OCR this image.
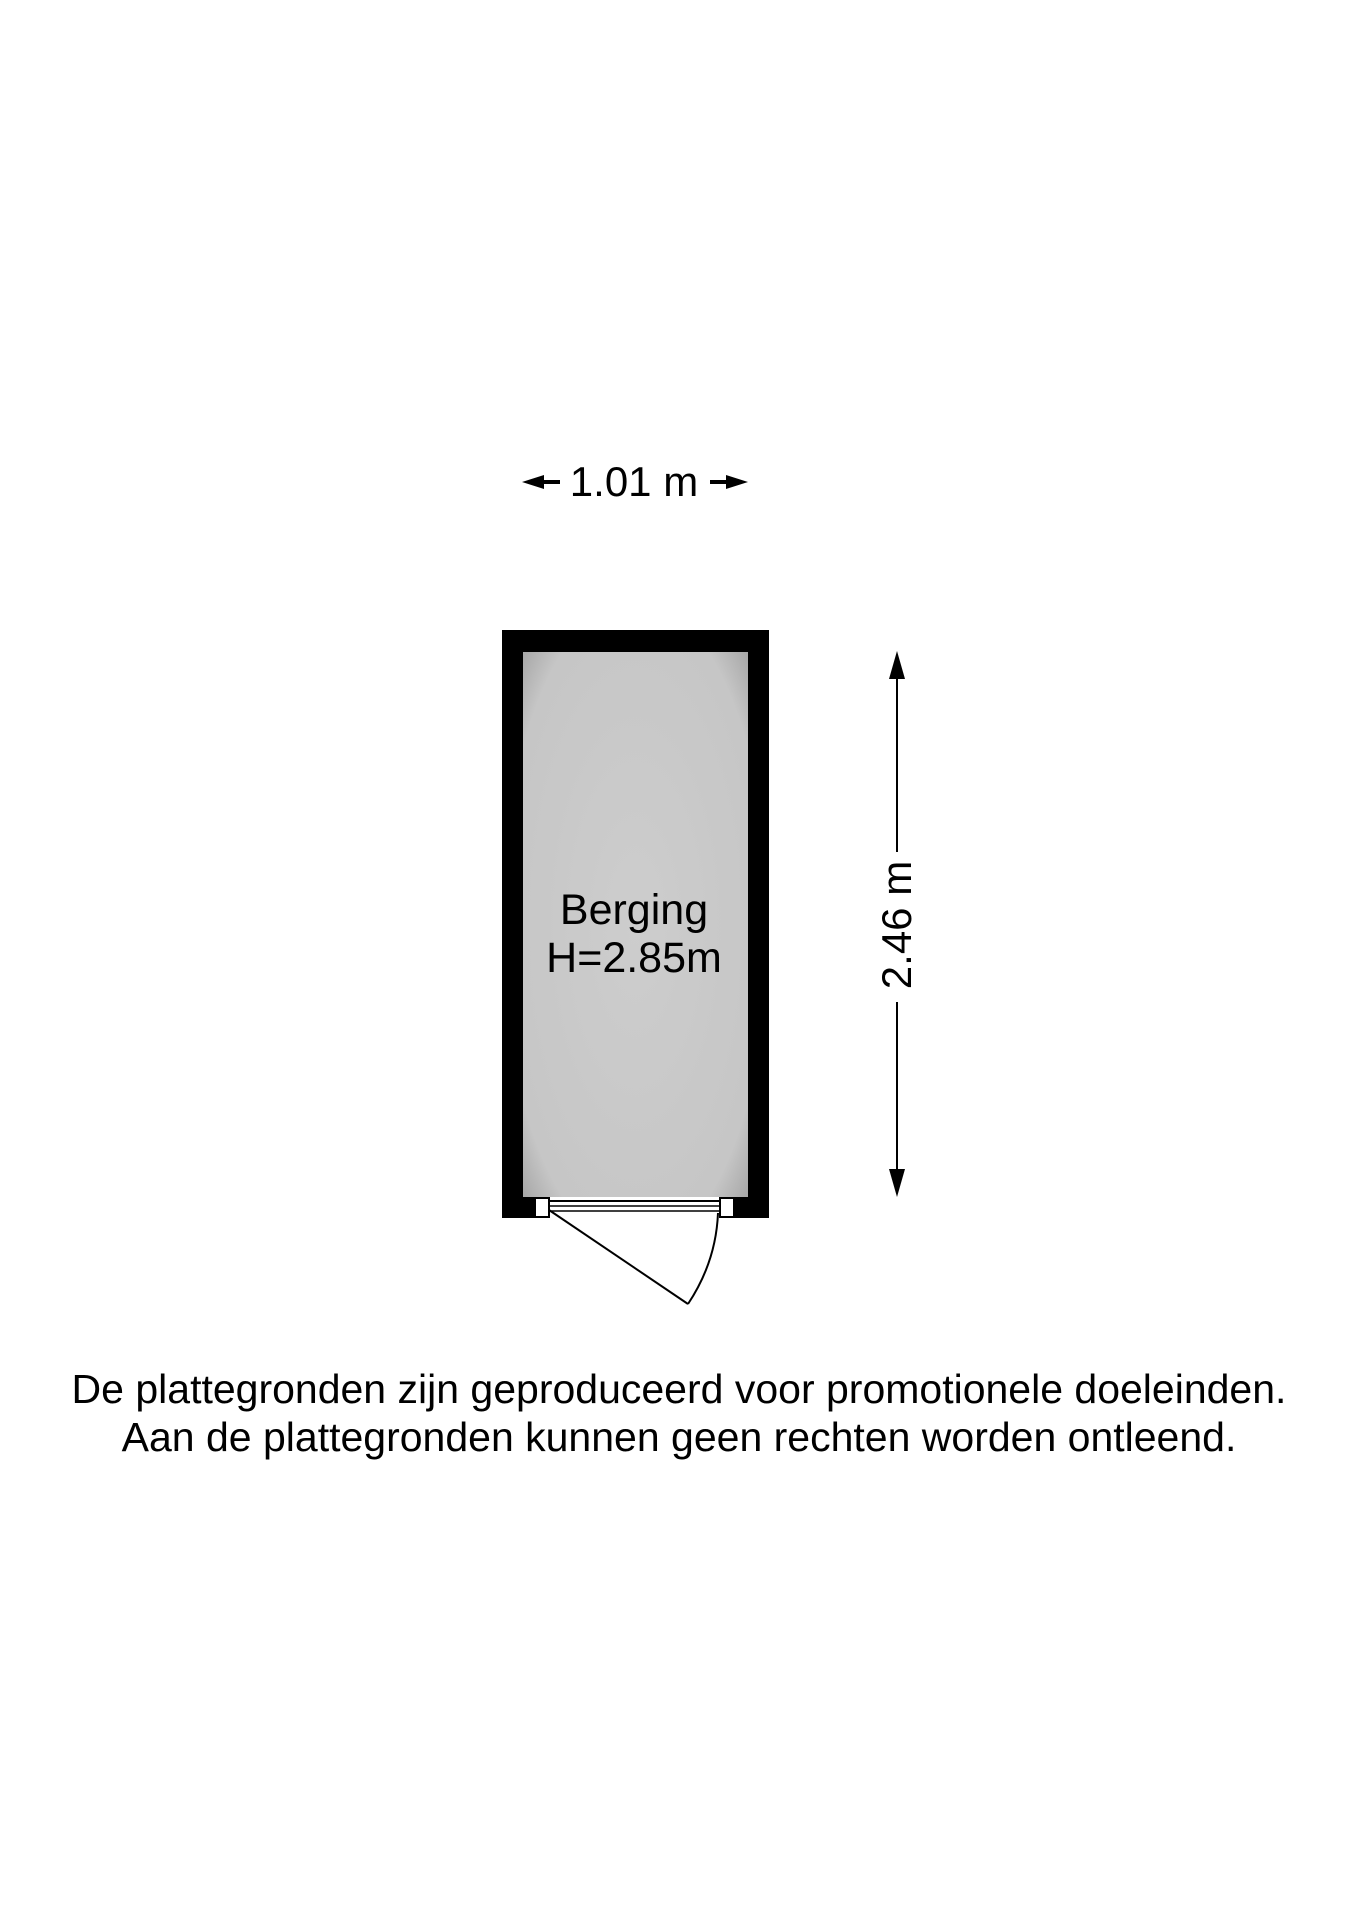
1.01 m
Berging
H=2.85m	2.46 m
De plattegronden zijn geproduceerd voor promotionele doeleinden.
Aan de plattegronden kunnen geen rechten worden ontleend.
